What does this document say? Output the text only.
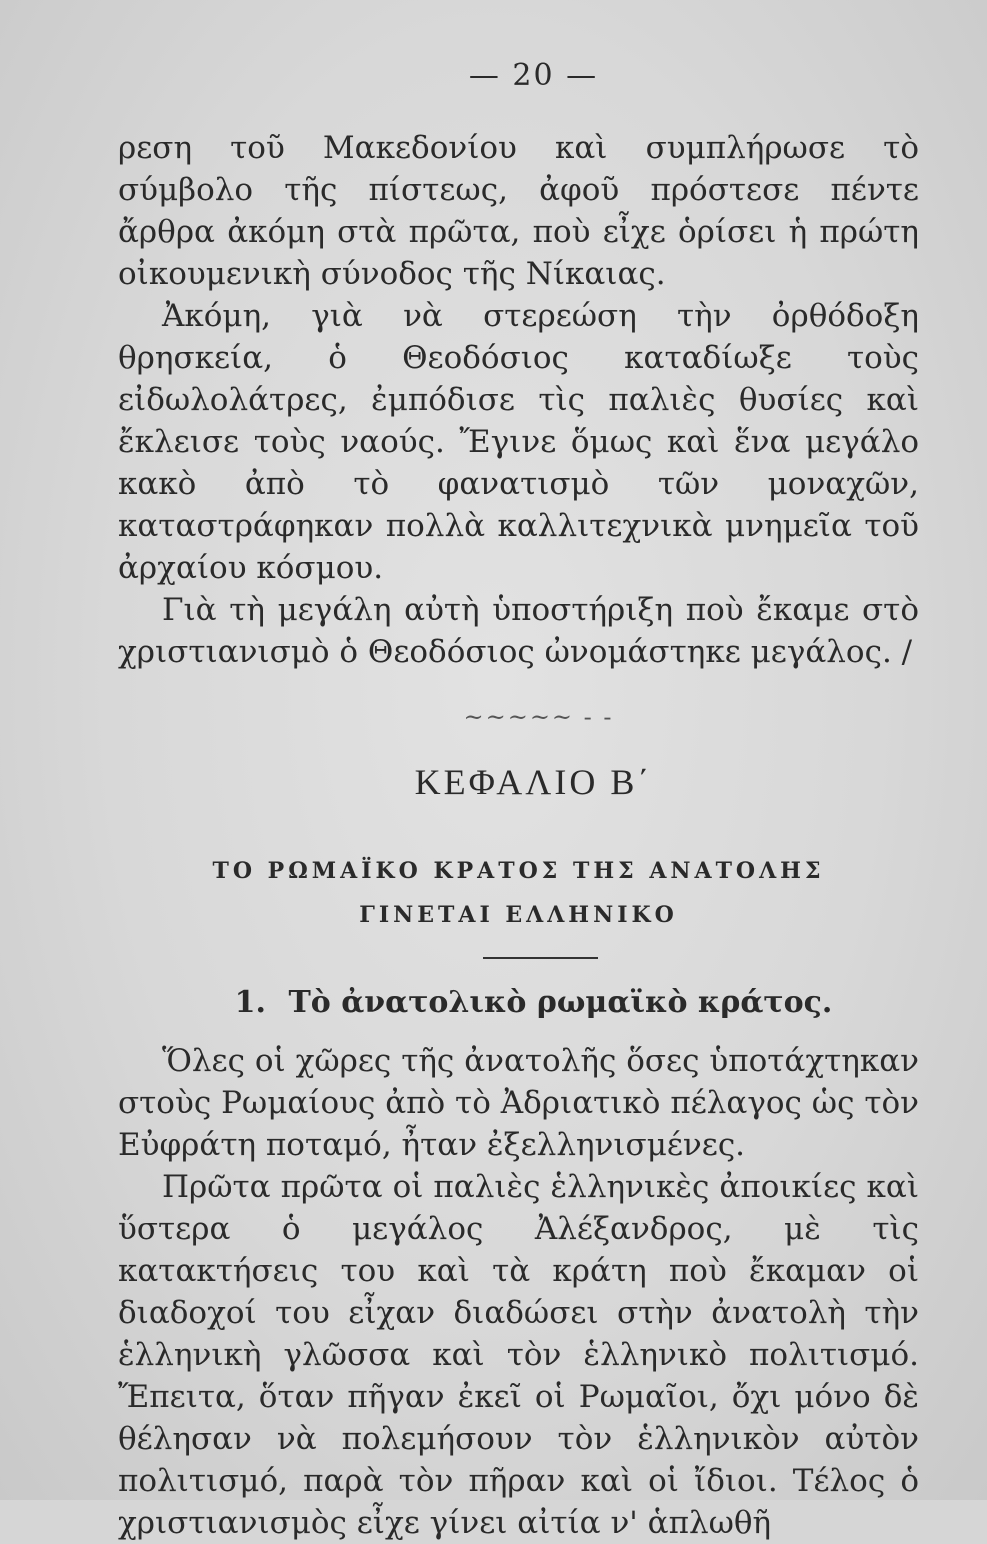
— 20 —

ρεση τοῦ Μακεδονίου καὶ συμπλήρωσε τὸ σύμβολο τῆς πίστεως, ἀφοῦ πρόστεσε πέντε ἄρθρα ἀκόμη στὰ πρῶτα, ποὺ εἶχε ὁρίσει ἡ πρώτη οἰκουμενικὴ σύνοδος τῆς Νίκαιας.

Ἀκόμη, γιὰ νὰ στερεώση τὴν ὀρθόδοξη θρησκεία, ὁ Θεοδόσιος καταδίωξε τοὺς εἰδωλολάτρες, ἐμπόδισε τὶς παλιὲς θυσίες καὶ ἔκλεισε τοὺς ναούς. Ἔγινε ὅμως καὶ ἕνα μεγάλο κακὸ ἀπὸ τὸ φανατισμὸ τῶν μοναχῶν, καταστράφηκαν πολλὰ καλλιτεχνικὰ μνημεῖα τοῦ ἀρχαίου κόσμου.

Γιὰ τὴ μεγάλη αὐτὴ ὑποστήριξη ποὺ ἔκαμε στὸ χριστιανισμὸ ὁ Θεοδόσιος ὠνομάστηκε μεγάλος. /

~~~~~ - -
ΚΕΦΑΛΙΟ Β΄
ΤΟ ΡΩΜΑΪΚΟ ΚΡΑΤΟΣ ΤΗΣ ΑΝΑΤΟΛΗΣ
ΓΙΝΕΤΑΙ ΕΛΛΗΝΙΚΟ
1. Τὸ ἀνατολικὸ ρωμαϊκὸ κράτος.

Ὅλες οἱ χῶρες τῆς ἀνατολῆς ὅσες ὑποτάχτηκαν στοὺς Ρωμαίους ἀπὸ τὸ Ἀδριατικὸ πέλαγος ὡς τὸν Εὐφράτη ποταμό, ἦταν ἐξελληνισμένες.

Πρῶτα πρῶτα οἱ παλιὲς ἑλληνικὲς ἀποικίες καὶ ὕστερα ὁ μεγάλος Ἀλέξανδρος, μὲ τὶς κατακτήσεις του καὶ τὰ κράτη ποὺ ἔκαμαν οἱ διαδοχοί του εἶχαν διαδώσει στὴν ἀνατολὴ τὴν ἑλληνικὴ γλῶσσα καὶ τὸν ἑλληνικὸ πολιτισμό. Ἔπειτα, ὅταν πῆγαν ἐκεῖ οἱ Ρωμαῖοι, ὄχι μόνο δὲ θέλησαν νὰ πολεμήσουν τὸν ἑλληνικὸν αὐτὸν πολιτισμό, παρὰ τὸν πῆραν καὶ οἱ ἴδιοι. Τέλος ὁ χριστιανισμὸς εἶχε γίνει αἰτία ν' ἁπλωθῆ
